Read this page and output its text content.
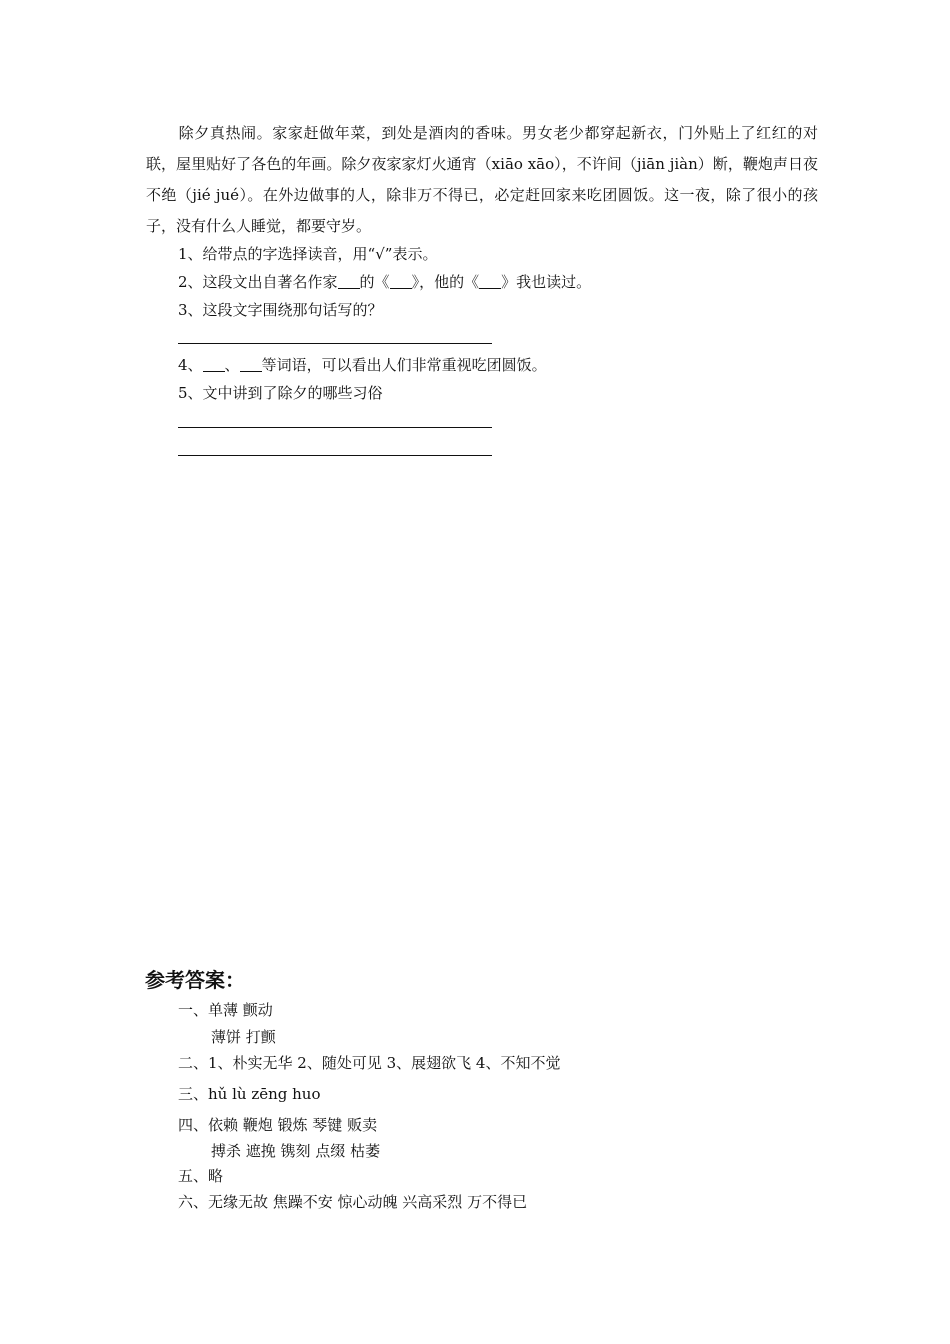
除夕真热闹。家家赶做年菜，到处是酒肉的香味。男女老少都穿起新衣，门外贴上了红红的对联，屋里贴好了各色的年画。除夕夜家家灯火通宵（xiāo xāo），不许间（jiān jiàn）断，鞭炮声日夜不绝（jié jué）。在外边做事的人，除非万不得已，必定赶回家来吃团圆饭。这一夜，除了很小的孩子，没有什么人睡觉，都要守岁。
1、给带点的字选择读音，用“√”表示。
2、这段文出自著名作家 的《 》，他的《 》我也读过。
3、这段文字围绕那句话写的？
4、 、 等词语，可以看出人们非常重视吃团圆饭。
5、文中讲到了除夕的哪些习俗
参考答案：
一、单薄 颤动
薄饼 打颤
二、1、朴实无华 2、随处可见 3、展翅欲飞 4、不知不觉
三、hǔ lù zēng huo
四、依赖 鞭炮 锻炼 琴键 贩卖
搏杀 遮挽 镌刻 点缀 枯萎
五、略
六、无缘无故 焦躁不安 惊心动魄 兴高采烈 万不得已
